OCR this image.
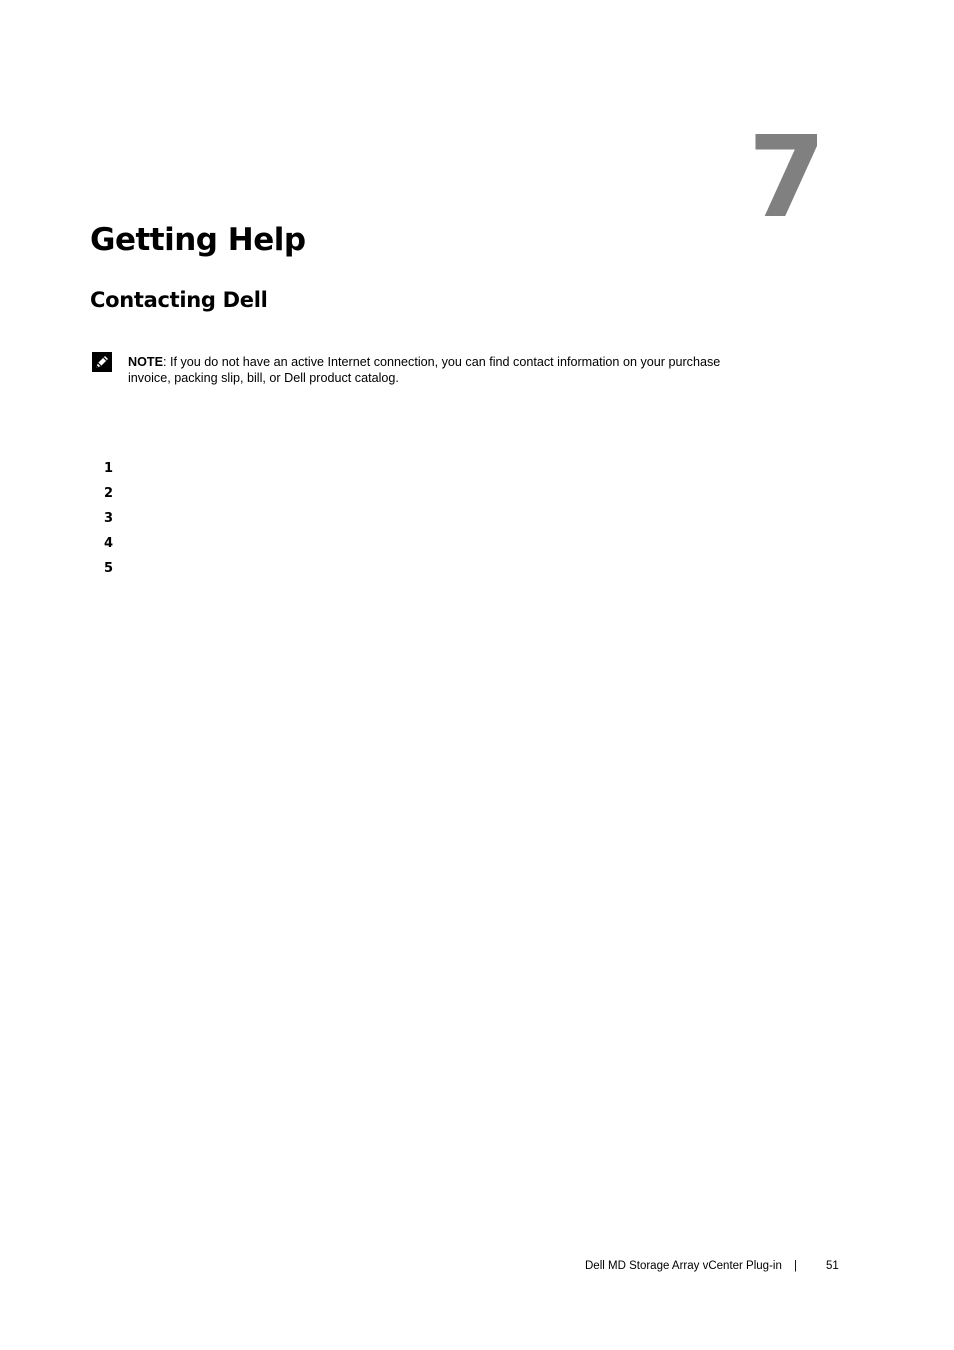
7
Getting Help
Contacting Dell
NOTE: If you do not have an active Internet connection, you can find contact information on your purchase invoice, packing slip, bill, or Dell product catalog.
1
2
3
4
5
Dell MD Storage Array vCenter Plug-in |	51
